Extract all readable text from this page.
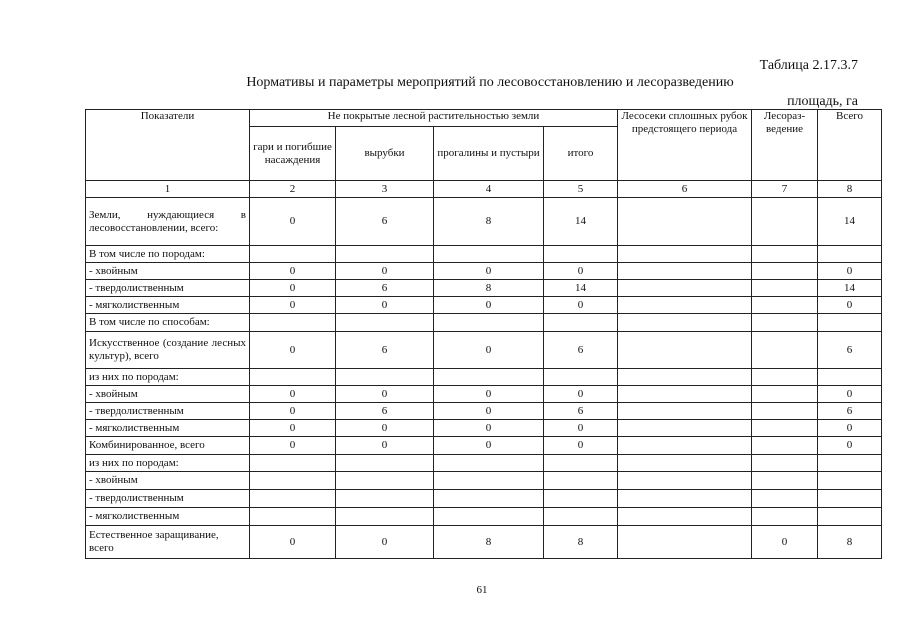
Таблица 2.17.3.7
Нормативы и параметры мероприятий по лесовосстановлению и лесоразведению
площадь, га
Показатели	Не покрытые лесной растительностью земли				Лесосеки сплошных рубок предстоящего периода	Лесораз-ведение	Всего
	гари и погибшие насаждения	вырубки	прогалины и пустыри	итого			
1	2	3	4	5	6	7	8
Земли, нуждающиеся в лесовосстановлении, всего:	0	6	8	14			14
В том числе по породам:							
- хвойным	0	0	0	0			0
- твердолиственным	0	6	8	14			14
- мягколиственным	0	0	0	0			0
В том числе по способам:							
Искусственное (создание лесных культур), всего	0	6	0	6			6
из них по породам:							
- хвойным	0	0	0	0			0
- твердолиственным	0	6	0	6			6
- мягколиственным	0	0	0	0			0
Комбинированное, всего	0	0	0	0			0
из них по породам:							
- хвойным							
- твердолиственным							
- мягколиственным							
Естественное заращивание, всего	0	0	8	8		0	8
61
